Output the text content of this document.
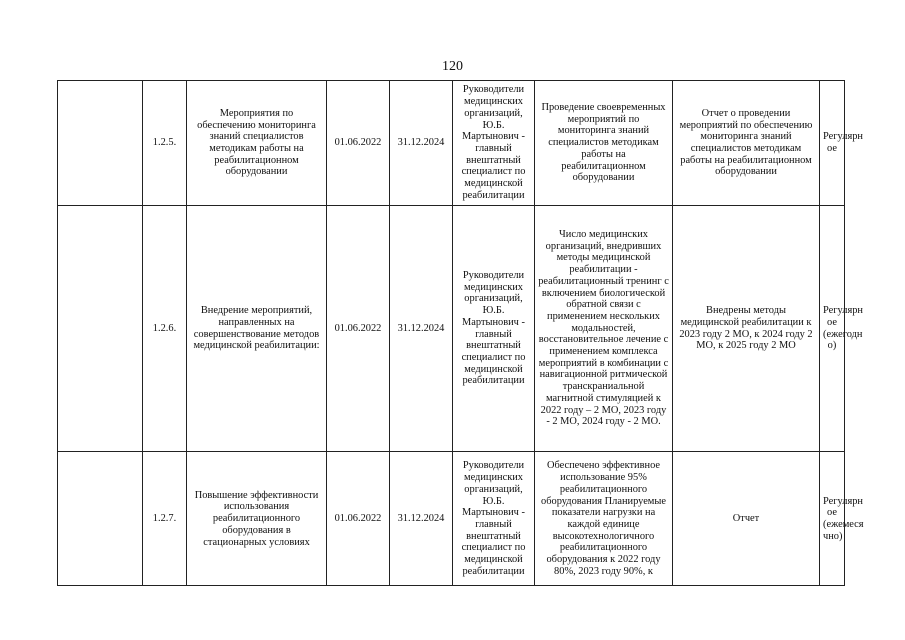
120
	1.2.5.	Мероприятия по обеспечению мониторинга знаний специалистов методикам работы на реабилитационном оборудовании	01.06.2022	31.12.2024	Руководители медицинских организаций, Ю.Б. Мартынович - главный внештатный специалист по медицинской реабилитации	Проведение своевременных мероприятий по мониторинга знаний специалистов методикам работы на реабилитационном оборудовании	Отчет о проведении мероприятий по обеспечению мониторинга знаний специалистов методикам работы на реабилитационном оборудовании	Регулярн ое
	1.2.6.	Внедрение мероприятий, направленных на совершенствование методов медицинской реабилитации:	01.06.2022	31.12.2024	Руководители медицинских организаций, Ю.Б. Мартынович - главный внештатный специалист по медицинской реабилитации	Число медицинских организаций, внедривших методы медицинской реабилитации - реабилитационный тренинг с включением биологической обратной связи с применением нескольких модальностей, восстановительное лечение с применением комплекса мероприятий в комбинации с навигационной ритмической транскраниальной магнитной стимуляцией к 2022 году – 2 МО, 2023 году - 2 МО, 2024 году - 2 МО.	Внедрены методы медицинской реабилитации к 2023 году 2 МО, к 2024 году 2 МО, к 2025 году 2 МО	Регулярн ое (ежегодн о)
	1.2.7.	Повышение эффективности использования реабилитационного оборудования в стационарных условиях	01.06.2022	31.12.2024	Руководители медицинских организаций, Ю.Б. Мартынович - главный внештатный специалист по медицинской реабилитации	Обеспечено эффективное использование 95% реабилитационного оборудования Планируемые показатели нагрузки на каждой единице высокотехнологичного реабилитационного оборудования к 2022 году 80%, 2023 году 90%, к	Отчет	Регулярн ое (ежемеся чно)
